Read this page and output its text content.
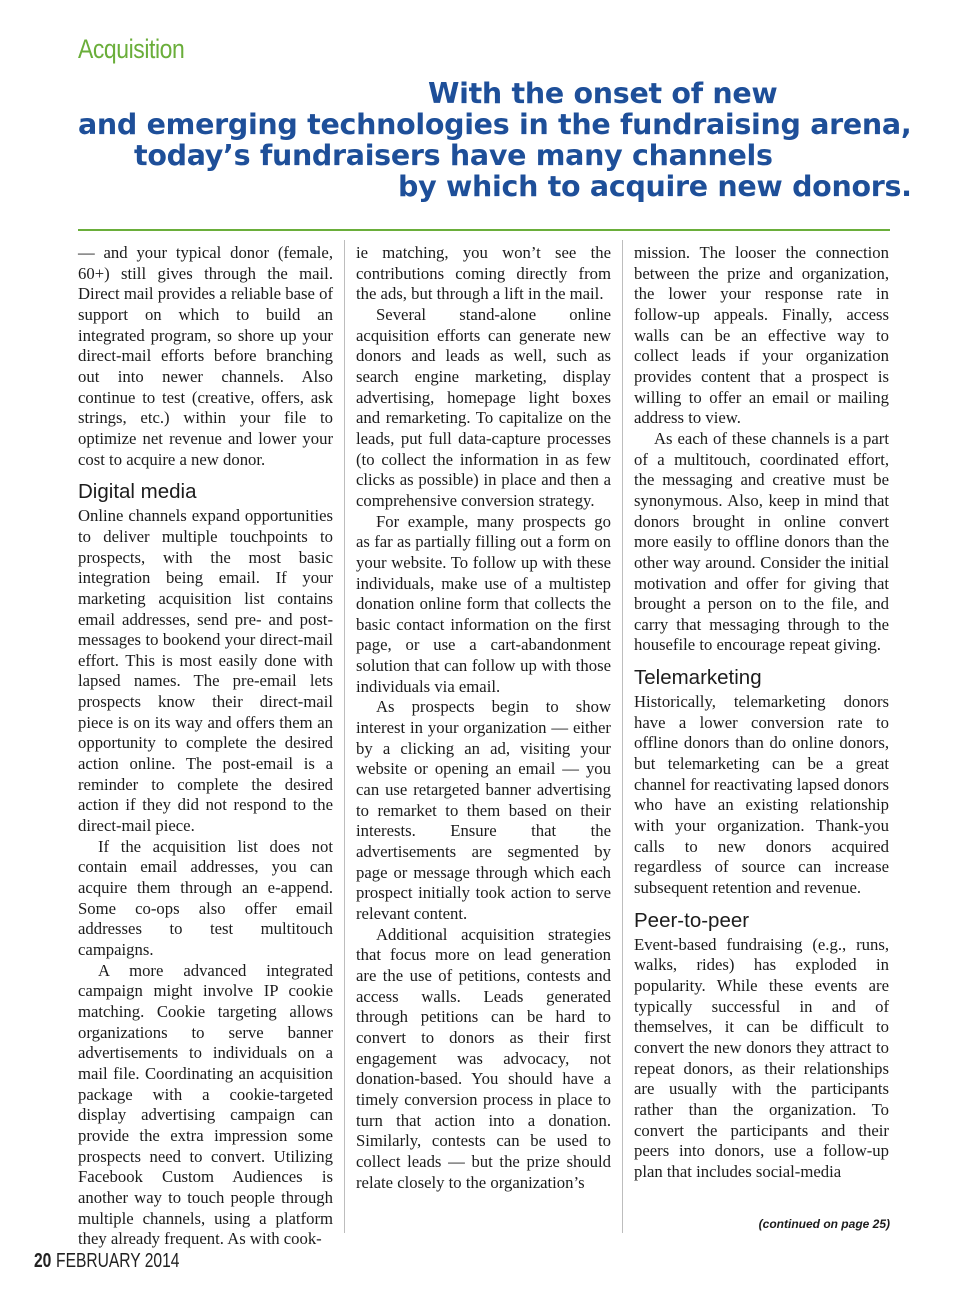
Acquisition
With the onset of new
and emerging technologies in the fundraising arena,
today’s fundraisers have many channels
by which to acquire new donors.

— and your typical donor (female, 60+) still gives through the mail. Direct mail provides a reliable base of support on which to build an integrated program, so shore up your direct-mail efforts before branching out into newer channels. Also continue to test (creative, offers, ask strings, etc.) within your file to optimize net revenue and lower your cost to acquire a new donor.

Digital media

Online channels expand opportunities to deliver multiple touchpoints to prospects, with the most basic integration being email. If your marketing acquisition list contains email addresses, send pre- and post-messages to bookend your direct-mail effort. This is most easily done with lapsed names. The pre-email lets prospects know their direct-mail piece is on its way and offers them an opportunity to complete the desired action online. The post-email is a reminder to complete the desired action if they did not respond to the direct-mail piece.

If the acquisition list does not contain email addresses, you can acquire them through an e-append. Some co-ops also offer email addresses to test multitouch campaigns.

A more advanced integrated campaign might involve IP cookie matching. Cookie targeting allows organizations to serve banner advertisements to individuals on a mail file. Coordinating an acquisition package with a cookie-targeted display advertising campaign can provide the extra impression some prospects need to convert. Utilizing Facebook Custom Audiences is another way to touch people through multiple channels, using a platform they already frequent. As with cook-

ie matching, you won’t see the contributions coming directly from the ads, but through a lift in the mail.

Several stand-alone online acquisition efforts can generate new donors and leads as well, such as search engine marketing, display advertising, homepage light boxes and remarketing. To capitalize on the leads, put full data-capture processes (to collect the information in as few clicks as possible) in place and then a comprehensive conversion strategy.

For example, many prospects go as far as partially filling out a form on your website. To follow up with these individuals, make use of a multistep donation online form that collects the basic contact information on the first page, or use a cart-abandonment solution that can follow up with those individuals via email.

As prospects begin to show interest in your organization — either by a clicking an ad, visiting your website or opening an email — you can use retargeted banner advertising to remarket to them based on their interests. Ensure that the advertisements are segmented by page or message through which each prospect initially took action to serve relevant content.

Additional acquisition strategies that focus more on lead generation are the use of petitions, contests and access walls. Leads generated through petitions can be hard to convert to donors as their first engagement was advocacy, not donation-based. You should have a timely conversion process in place to turn that action into a donation. Similarly, contests can be used to collect leads — but the prize should relate closely to the organization’s

mission. The looser the connection between the prize and organization, the lower your response rate in follow-up appeals. Finally, access walls can be an effective way to collect leads if your organization provides content that a prospect is willing to offer an email or mailing address to view.

As each of these channels is a part of a multitouch, coordinated effort, the messaging and creative must be synonymous. Also, keep in mind that donors brought in online convert more easily to offline donors than the other way around. Consider the initial motivation and offer for giving that brought a person on to the file, and carry that messaging through to the housefile to encourage repeat giving.

Telemarketing

Historically, telemarketing donors have a lower conversion rate to offline donors than do online donors, but telemarketing can be a great channel for reactivating lapsed donors who have an existing relationship with your organization. Thank-you calls to new donors acquired regardless of source can increase subsequent retention and revenue.

Peer-to-peer

Event-based fundraising (e.g., runs, walks, rides) has exploded in popularity. While these events are typically successful in and of themselves, it can be difficult to convert the new donors they attract to repeat donors, as their relationships are usually with the participants rather than the organization. To convert the participants and their peers into donors, use a follow-up plan that includes social-media

(continued on page 25)
20 FEBRUARY 2014
